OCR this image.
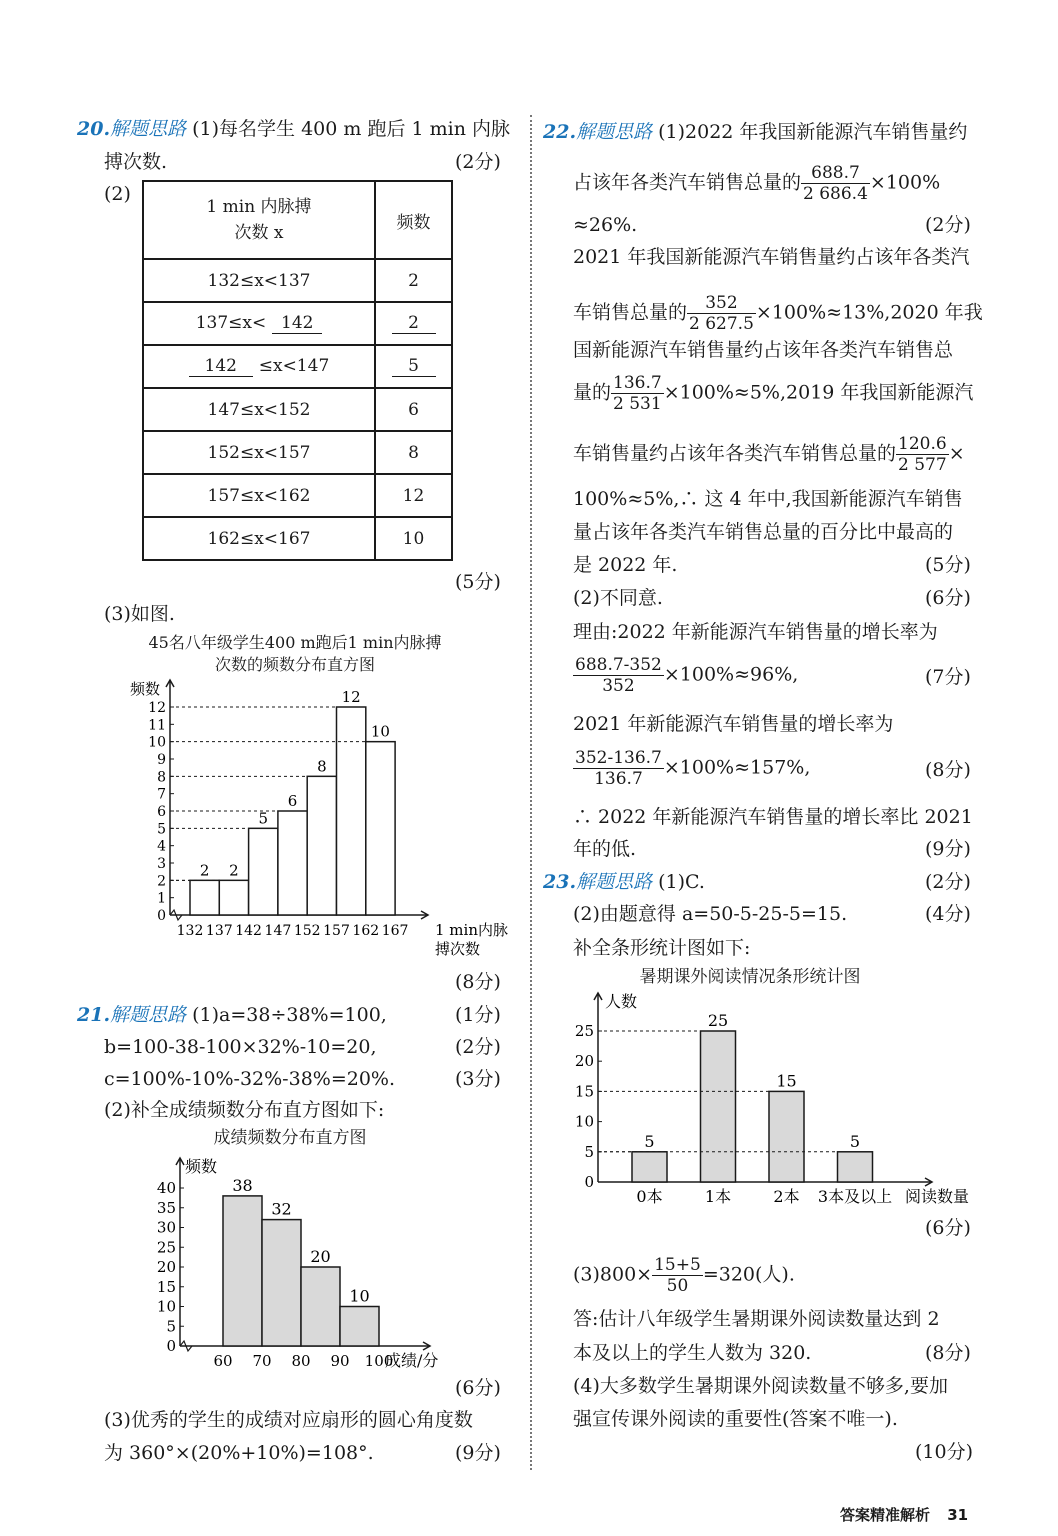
20.解题思路 (1)每名学生 400 m 跑后 1 min 内脉
搏次数.	(2分)
(2)
1 min 内脉搏
次数 x	频数
132≤x<137	2
137≤x< 142	2
142 ≤x<147	5
147≤x<152	6
152≤x<157	8
157≤x<162	12
162≤x<167	10
(5分)
(3)如图.
45名八年级学生400 m跑后1 min内脉搏
次数的频数分布直方图
0
1
2
3
4
5
6
7
8
9
10
11
12
频数
1 min内脉
搏次数
2 2
5
6
8
12
10
132 137 142 147 152 157 162 167
(8分)
21.解题思路 (1)a=38÷38%=100,	(1分)
b=100-38-100×32%-10=20,	(2分)
c=100%-10%-32%-38%=20%.	(3分)
(2)补全成绩频数分布直方图如下:
成绩频数分布直方图
0
5
10
15
20
25
30
35
40
频数
成绩/分
38
32
20
10
60 70 80 90 100
(6分)
(3)优秀的学生的成绩对应扇形的圆心角度数
为 360°×(20%+10%)=108°.	(9分)
22.解题思路 (1)2022 年我国新能源汽车销售量约
占该年各类汽车销售总量的 $\frac{688.7}{2 686.4} \times 100\%$
≈26%.	(2分)
2021 年我国新能源汽车销售量约占该年各类汽
车销售总量的 $\frac{352}{2 627.5} \times 100\%\approx 13\%,2020$ 年我
国新能源汽车销售量约占该年各类汽车销售总
量的 $\frac{136.7}{2 531} \times 100\%\approx 5\%,2019$ 年我国新能源汽
车销售量约占该年各类汽车销售总量的 $\frac{120.6}{2 577}$ ×
100%≈5%,∴ 这 4 年中,我国新能源汽车销售
量占该年各类汽车销售总量的百分比中最高的
是 2022 年.	(5分)
(2)不同意.	(6分)
理由:2022 年新能源汽车销售量的增长率为
$\frac{688.7-352}{352} \times 100\%\approx 96\%$,	(7分)
2021 年新能源汽车销售量的增长率为
$\frac{352-136.7}{136.7} \times 100\%\approx 157\%$,	(8分)
∴ 2022 年新能源汽车销售量的增长率比 2021
年的低.	(9分)
23.解题思路 (1)C.	(2分)
(2)由题意得 a=50-5-25-5=15.	(4分)
补全条形统计图如下:
暑期课外阅读情况条形统计图
0
5
10
15
20
25
人数
阅读数量
5
25
15
5
0本	1本	2本 3本及以上
(6分)
$(3)800\times \frac{15+5}{50} =320$(人).
答:估计八年级学生暑期课外阅读数量达到 2
本及以上的学生人数为 320.	(8分)
(4)大多数学生暑期课外阅读数量不够多,要加
强宣传课外阅读的重要性(答案不唯一).
(10分)
答案精准解析 31
